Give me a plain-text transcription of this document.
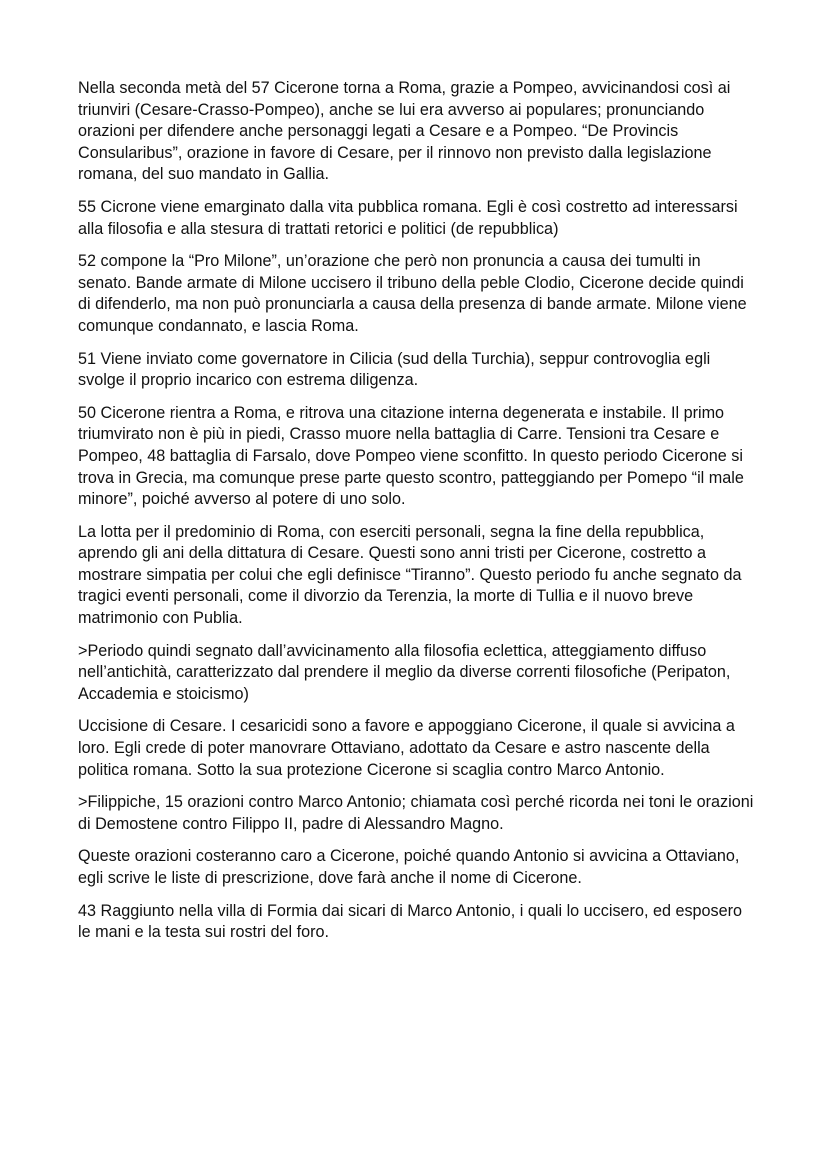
Nella seconda metà del 57 Cicerone torna a Roma, grazie a Pompeo, avvicinandosi così ai triunviri (Cesare-Crasso-Pompeo), anche se lui era avverso ai populares; pronunciando orazioni per difendere anche personaggi legati a Cesare e a Pompeo. “De Provincis Consularibus”, orazione in favore di Cesare, per il rinnovo non previsto dalla legislazione romana, del suo mandato in Gallia.

55 Cicrone viene emarginato dalla vita pubblica romana. Egli è così costretto ad interessarsi alla filosofia e alla stesura di trattati retorici e politici (de repubblica)

52 compone la “Pro Milone”, un’orazione che però non pronuncia a causa dei tumulti in senato. Bande armate di Milone uccisero il tribuno della peble Clodio, Cicerone decide quindi di difenderlo, ma non può pronunciarla a causa della presenza di bande armate. Milone viene comunque condannato, e lascia Roma.

51 Viene inviato come governatore in Cilicia (sud della Turchia), seppur controvoglia egli svolge il proprio incarico con estrema diligenza.

50 Cicerone rientra a Roma, e ritrova una citazione interna degenerata e instabile. Il primo triumvirato non è più in piedi, Crasso muore nella battaglia di Carre. Tensioni tra Cesare e Pompeo, 48 battaglia di Farsalo, dove Pompeo viene sconfitto. In questo periodo Cicerone si trova in Grecia, ma comunque prese parte questo scontro, patteggiando per Pomepo “il male minore”, poiché avverso al potere di uno solo.

La lotta per il predominio di Roma, con eserciti personali, segna la fine della repubblica, aprendo gli ani della dittatura di Cesare. Questi sono anni tristi per Cicerone, costretto a mostrare simpatia per colui che egli definisce “Tiranno”. Questo periodo fu anche segnato da tragici eventi personali, come il divorzio da Terenzia, la morte di Tullia e il nuovo breve matrimonio con Publia.

>Periodo quindi segnato dall’avvicinamento alla filosofia eclettica, atteggiamento diffuso nell’antichità, caratterizzato dal prendere il meglio da diverse correnti filosofiche (Peripaton, Accademia e stoicismo)

Uccisione di Cesare. I cesaricidi sono a favore e appoggiano Cicerone, il quale si avvicina a loro. Egli crede di poter manovrare Ottaviano, adottato da Cesare e astro nascente della politica romana. Sotto la sua protezione Cicerone si scaglia contro Marco Antonio.

>Filippiche, 15 orazioni contro Marco Antonio; chiamata così perché ricorda nei toni le orazioni di Demostene contro Filippo II, padre di Alessandro Magno.

Queste orazioni costeranno caro a Cicerone, poiché quando Antonio si avvicina a Ottaviano, egli scrive le liste di prescrizione, dove farà anche il nome di Cicerone.

43 Raggiunto nella villa di Formia dai sicari di Marco Antonio, i quali lo uccisero, ed esposero le mani e la testa sui rostri del foro.
